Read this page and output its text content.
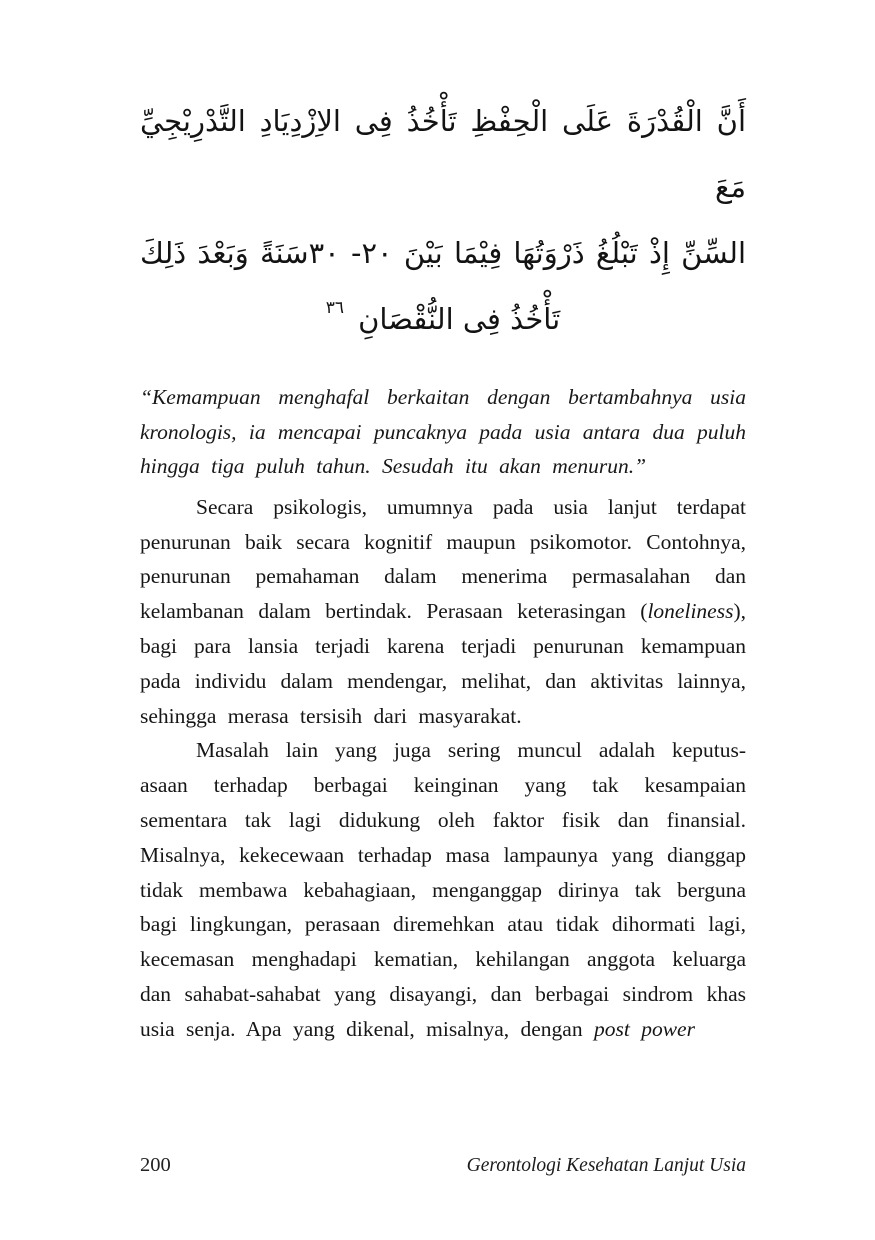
أَنَّ الْقُدْرَةَ عَلَى الْحِفْظِ تَأْخُذُ فِى الاِزْدِيَادِ التَّدْرِيْجِيِّ مَعَ
السِّنِّ إِذْ تَبْلُغُ ذَرْوَتُهَا فِيْمَا بَيْنَ ٢٠- ٣٠سَنَةً وَبَعْدَ ذَلِكَ
تَأْخُذُ فِى النُّقْصَانِ$^{٣٦}$
“Kemampuan menghafal berkaitan dengan bertambahnya usia kronologis, ia mencapai puncaknya pada usia antara dua puluh hingga tiga puluh tahun. Sesudah itu akan menurun.”

Secara psikologis, umumnya pada usia lanjut terdapat penurunan baik secara kognitif maupun psikomotor. Contohnya, penurunan pemahaman dalam menerima permasalahan dan kelambanan dalam bertindak. Perasaan keterasingan (loneliness), bagi para lansia terjadi karena terjadi penurunan kemampuan pada individu dalam mendengar, melihat, dan aktivitas lainnya, sehingga merasa tersisih dari masyarakat.

Masalah lain yang juga sering muncul adalah keputus-asaan terhadap berbagai keinginan yang tak kesampaian sementara tak lagi didukung oleh faktor fisik dan finansial. Misalnya, kekecewaan terhadap masa lampaunya yang dianggap tidak membawa kebahagiaan, menganggap dirinya tak berguna bagi lingkungan, perasaan diremehkan atau tidak dihormati lagi, kecemasan menghadapi kematian, kehilangan anggota keluarga dan sahabat-sahabat yang disayangi, dan berbagai sindrom khas usia senja. Apa yang dikenal, misalnya, dengan post power

200	Gerontologi Kesehatan Lanjut Usia
